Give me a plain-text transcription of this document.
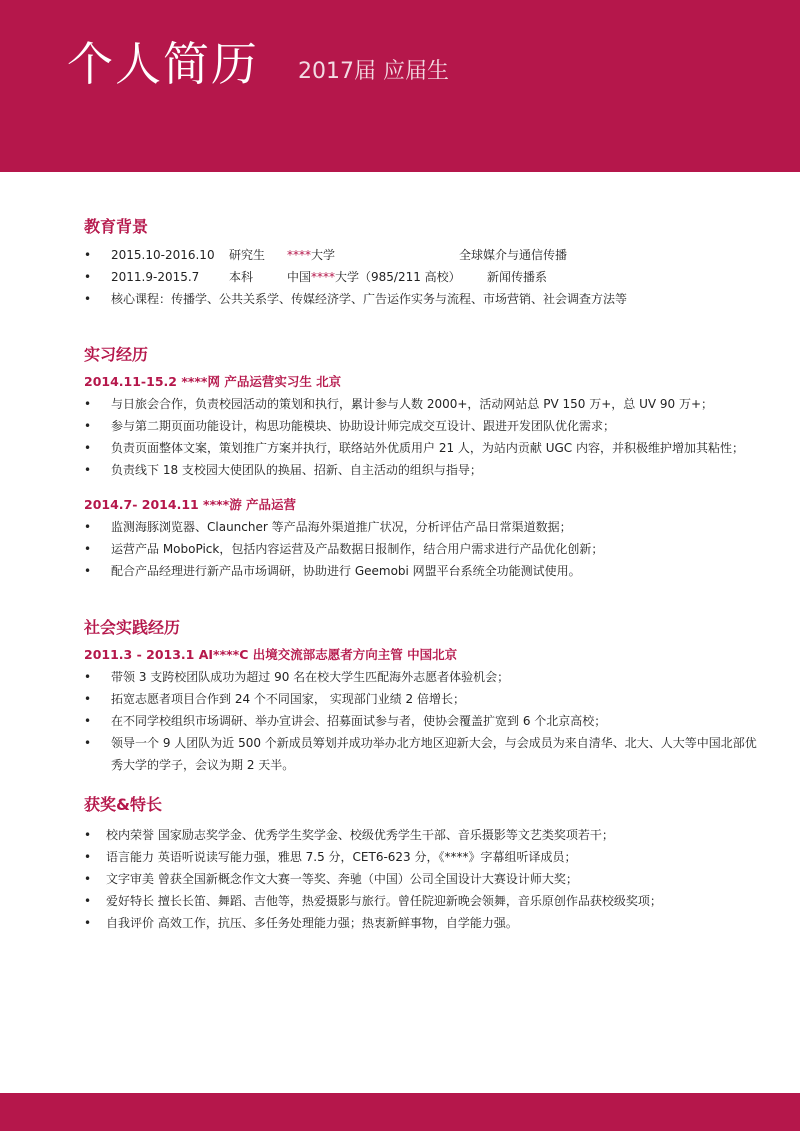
个人简历 2017届 应届生
教育背景
• 2015.10-2016.10 研究生 ****大学	全球媒介与通信传播
• 2011.9-2015.7 本科	中国****大学（985/211 高校） 新闻传播系
• 核心课程：传播学、公共关系学、传媒经济学、广告运作实务与流程、市场营销、社会调查方法等
实习经历
2014.11-15.2 ****网 产品运营实习生 北京
• 与日旅会合作，负责校园活动的策划和执行，累计参与人数 2000+，活动网站总 PV 150 万+，总 UV 90 万+；
• 参与第二期页面功能设计，构思功能模块、协助设计师完成交互设计、跟进开发团队优化需求；
• 负责页面整体文案，策划推广方案并执行，联络站外优质用户 21 人，为站内贡献 UGC 内容，并积极维护增加其粘性；
• 负责线下 18 支校园大使团队的换届、招新、自主活动的组织与指导；
2014.7- 2014.11 ****游 产品运营
• 监测海豚浏览器、Clauncher 等产品海外渠道推广状况，分析评估产品日常渠道数据；
• 运营产品 MoboPick，包括内容运营及产品数据日报制作，结合用户需求进行产品优化创新；
• 配合产品经理进行新产品市场调研，协助进行 Geemobi 网盟平台系统全功能测试使用。
社会实践经历
2011.3 - 2013.1 AI****C 出境交流部志愿者方向主管 中国北京
• 带领 3 支跨校团队成功为超过 90 名在校大学生匹配海外志愿者体验机会；
• 拓宽志愿者项目合作到 24 个不同国家， 实现部门业绩 2 倍增长；
• 在不同学校组织市场调研、举办宣讲会、招募面试参与者，使协会覆盖扩宽到 6 个北京高校；
• 领导一个 9 人团队为近 500 个新成员筹划并成功举办北方地区迎新大会，与会成员为来自清华、北大、人大等中国北部优秀大学的学子，会议为期 2 天半。
获奖&特长
• 校内荣誉 国家励志奖学金、优秀学生奖学金、校级优秀学生干部、音乐摄影等文艺类奖项若干；
• 语言能力 英语听说读写能力强，雅思 7.5 分，CET6-623 分，《****》字幕组听译成员；
• 文字审美 曾获全国新概念作文大赛一等奖、奔驰（中国）公司全国设计大赛设计师大奖；
• 爱好特长 擅长长笛、舞蹈、吉他等，热爱摄影与旅行。曾任院迎新晚会领舞，音乐原创作品获校级奖项；
• 自我评价 高效工作，抗压、多任务处理能力强；热衷新鲜事物，自学能力强。
